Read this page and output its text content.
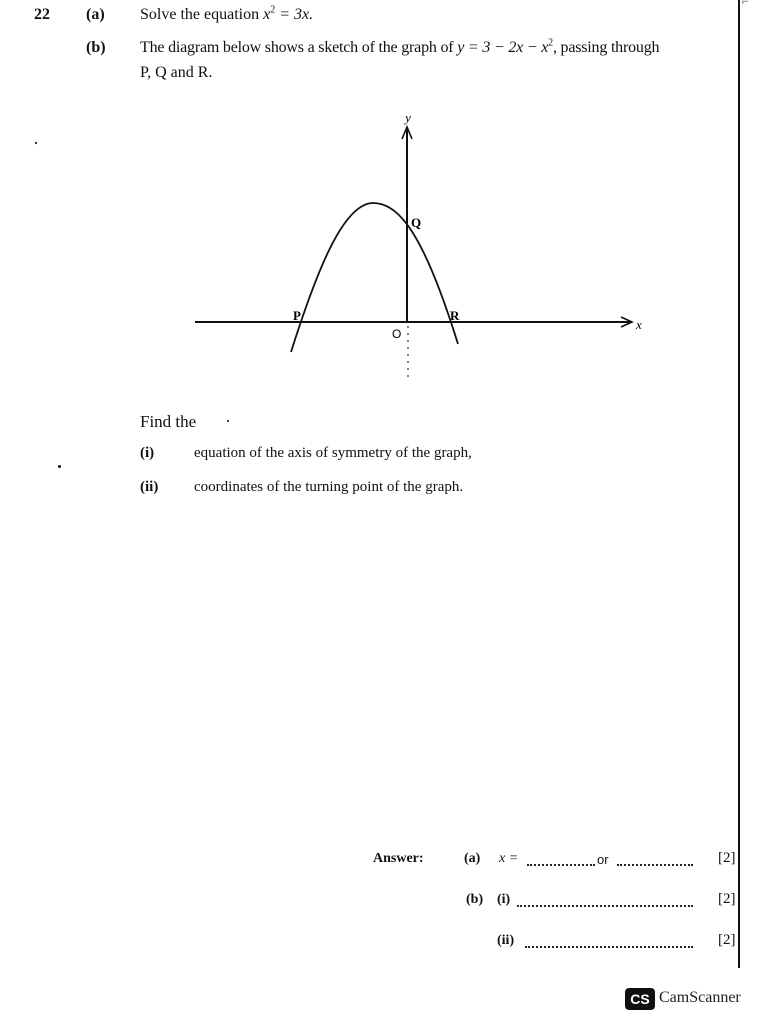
⌐
22 (a) Solve the equation $x^2 = 3x$.
(b) The diagram below shows a sketch of the graph of $y = 3 - 2x - x^2$, passing through
P, Q and R.
y
x
P
Q
R
O
Find the
(i)	equation of the axis of symmetry of the graph,
(ii) coordinates of the turning point of the graph.
Answer:	(a) x =	or	[2]
(b) (i)	[2]
(ii)	[2]
CS CamScanner
